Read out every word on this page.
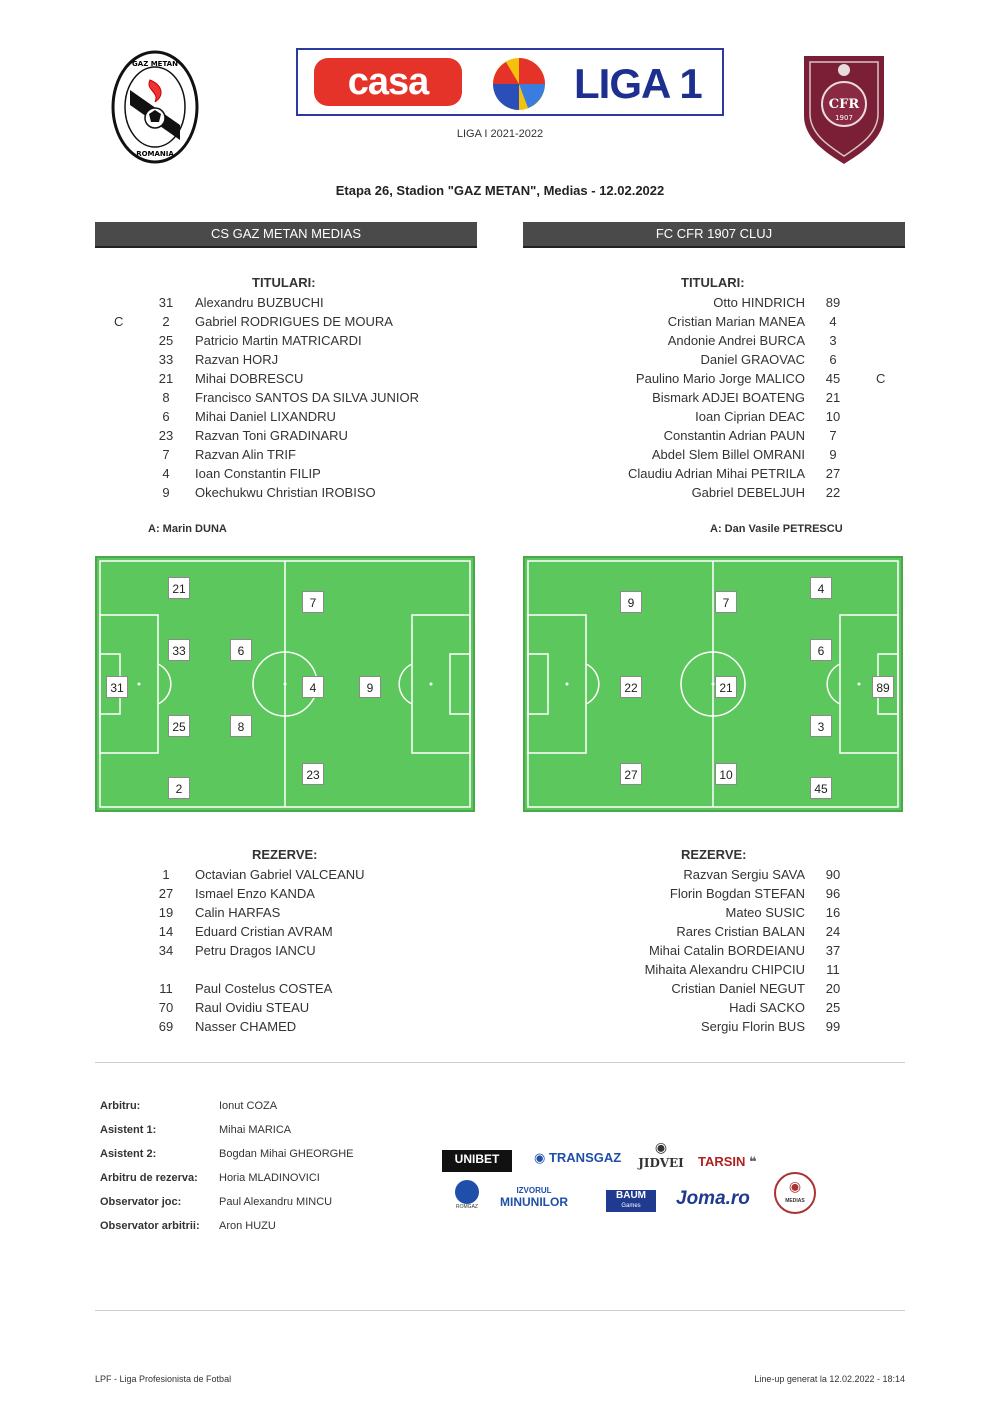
GAZ METAN
ROMANIA
casa	LIGA 1	CFR
1907
LIGA I 2021-2022
Etapa 26, Stadion "GAZ METAN", Medias - 12.02.2022
CS GAZ METAN MEDIAS	FC CFR 1907 CLUJ
TITULARI:	TITULARI:
31	Alexandru BUZBUCHI
C	2	Gabriel RODRIGUES DE MOURA
25	Patricio Martin MATRICARDI
33	Razvan HORJ
21	Mihai DOBRESCU
8	Francisco SANTOS DA SILVA JUNIOR
6	Mihai Daniel LIXANDRU
23	Razvan Toni GRADINARU
7	Razvan Alin TRIF
4	Ioan Constantin FILIP
9	Okechukwu Christian IROBISO
Otto HINDRICH	89
Cristian Marian MANEA	4
Andonie Andrei BURCA	3
Daniel GRAOVAC	6
Paulino Mario Jorge MALICO	45	C
Bismark ADJEI BOATENG	21
Ioan Ciprian DEAC	10
Constantin Adrian PAUN	7
Abdel Slem Billel OMRANI	9
Claudiu Adrian Mihai PETRILA	27
Gabriel DEBELJUH	22
A: Marin DUNA	A: Dan Vasile PETRESCU
31
21
33
25
2
6
8
7
4
23
9
9
22
27
7
21
10
4
6
3
45
89
REZERVE:	REZERVE:
1	Octavian Gabriel VALCEANU
27	Ismael Enzo KANDA
19	Calin HARFAS
14	Eduard Cristian AVRAM
34	Petru Dragos IANCU
11	Paul Costelus COSTEA
70	Raul Ovidiu STEAU
69	Nasser CHAMED
Razvan Sergiu SAVA	90
Florin Bogdan STEFAN	96
Mateo SUSIC	16
Rares Cristian BALAN	24
Mihai Catalin BORDEIANU	37
Mihaita Alexandru CHIPCIU	11
Cristian Daniel NEGUT	20
Hadi SACKO	25
Sergiu Florin BUS	99
Arbitru:	Ionut COZA
Asistent 1:	Mihai MARICA
Asistent 2:	Bogdan Mihai GHEORGHE
Arbitru de rezerva: Horia MLADINOVICI
Observator joc:	Paul Alexandru MINCU
Observator arbitrii: Aron HUZU
UNIBET	◉ TRANSGAZ
◉
JIDVEI TARSIN ❝
ROMGAZ
IZVORUL
MINUNILOR	BAUM
Games	Joma.ro
◉
MEDIAS
LPF - Liga Profesionista de Fotbal	Line-up generat la 12.02.2022 - 18:14
